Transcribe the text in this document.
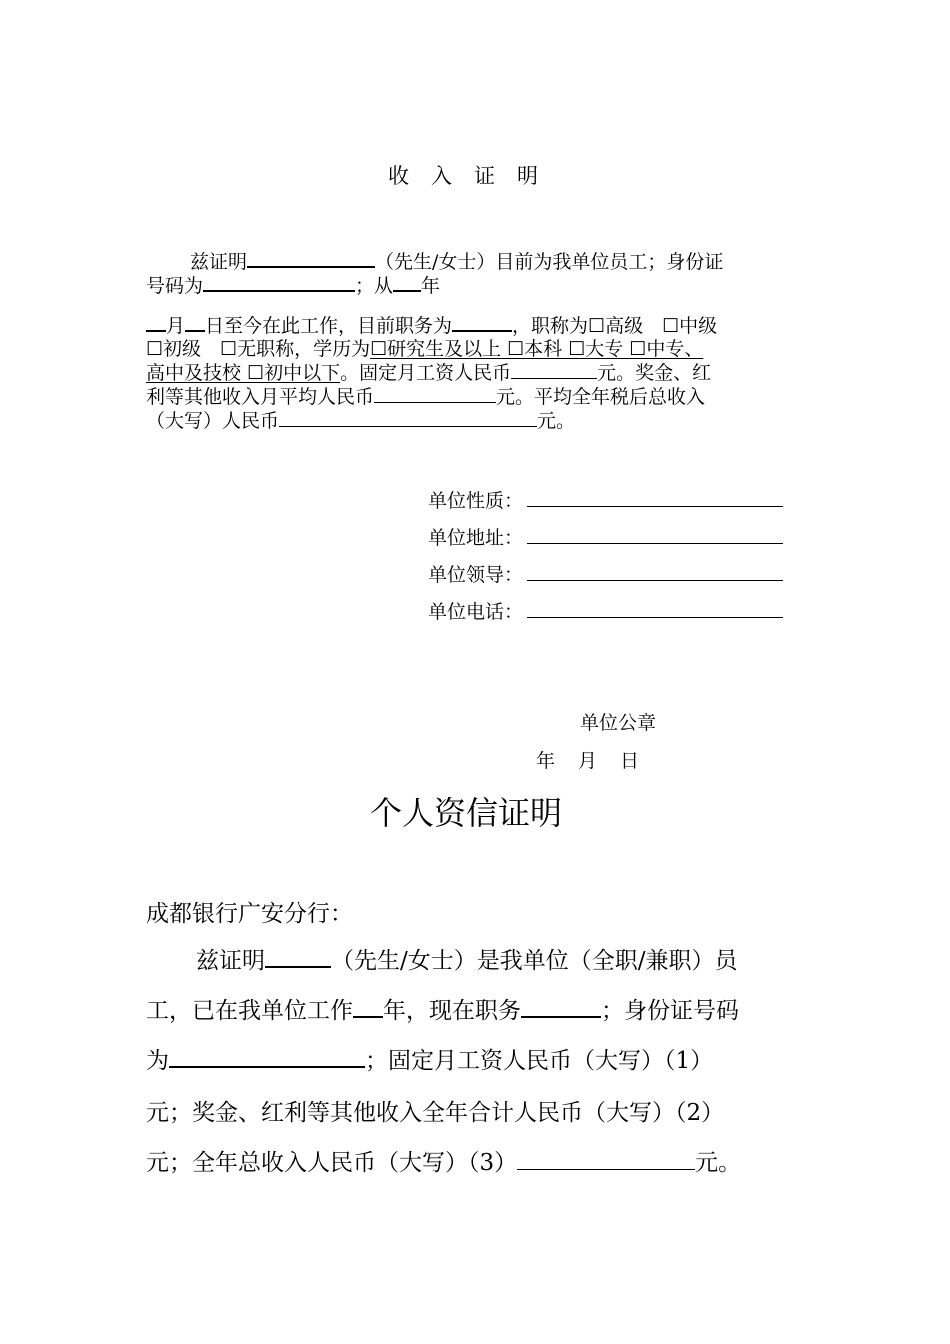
收入证明
兹证明	（先生/女士）目前为我单位员工；身份证
号码为	；从 年
月 日至今在此工作，目前职务为	，职称为☐高级　☐中级
☐初级　☐无职称，学历为☐研究生及以上 ☐本科 ☐大专 ☐中专、
高中及技校 ☐初中以下。固定月工资人民币	元。奖金、红
利等其他收入月平均人民币	元。平均全年税后总收入
（大写）人民币	元。
单位性质：
单位地址：
单位领导：
单位电话：
单位公章
年　月　日
个人资信证明
成都银行广安分行：
兹证明	（先生/女士）是我单位（全职/兼职）员
工，已在我单位工作 年，现在职务	；身份证号码
为	；固定月工资人民币（大写）（1）
元；奖金、红利等其他收入全年合计人民币（大写）（2）
元；全年总收入人民币（大写）（3）	元。
